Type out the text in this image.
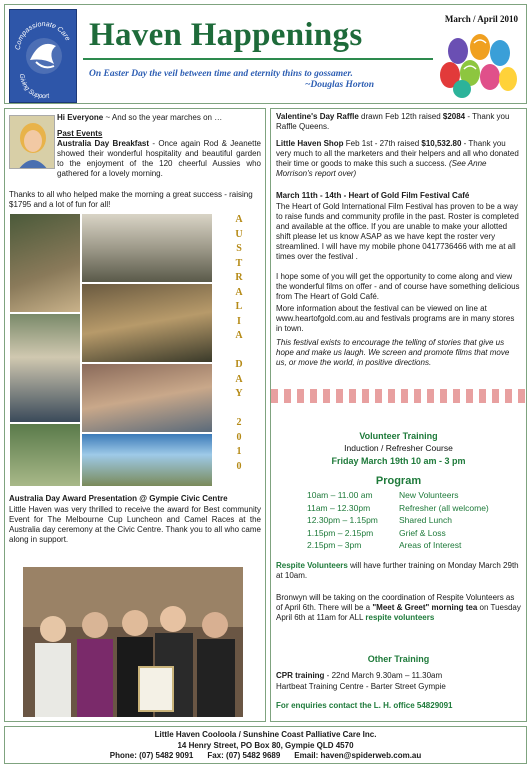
Compassionate Care
Giving Support
Haven Happenings	March / April 2010
On Easter Day the veil between time and eternity thins to gossamer.
~Douglas Horton
Hi Everyone ~ And so the year marches on …
Past Events
Australia Day Breakfast - Once again Rod & Jeanette showed their wonderful hospitality and beautiful garden to the enjoyment of the 120 cheerful Aussies who gathered for a lovely morning.
Thanks to all who helped make the morning a great success - raising $1795 and a lot of fun for all!
A
U
S
T
R
A
L
I
A

D
A
Y

2
0
1
0
Australia Day Award Presentation @ Gympie Civic Centre
Little Haven was very thrilled to receive the award for Best community Event for The Melbourne Cup Luncheon and Camel Races at the Australia day ceremony at the Civic Centre. Thank you to all who came along in support.
Valentine's Day Raffle drawn Feb 12th raised $2084 - Thank you Raffle Queens.
Little Haven Shop Feb 1st - 27th raised $10,532.80 - Thank you very much to all the marketers and their helpers and all who donated their time or goods to make this such a success. (See Anne Morrison's report over)
March 11th - 14th - Heart of Gold Film Festival Café
The Heart of Gold International Film Festival has proven to be a way to raise funds and community profile in the past. Roster is completed and available at the office. If you are unable to make your allotted shift please let us know ASAP as we have kept the roster very streamlined. I will have my mobile phone 0417736466 with me at all times over the festival .
I hope some of you will get the opportunity to come along and view the wonderful films on offer - and of course have something delicious from The Heart of Gold Café.
More information about the festival can be viewed on line at www.heartofgold.com.au and festivals programs are in many stores in town.
This festival exists to encourage the telling of stories that give us hope and make us laugh. We screen and promote films that move us, or move the world, in positive directions.
Volunteer Training
Induction / Refresher Course
Friday March 19th 10 am - 3 pm
Program
10am – 11.00 am	New Volunteers
11am – 12.30pm	Refresher (all welcome)
12.30pm – 1.15pm	Shared Lunch
1.15pm – 2.15pm	Grief & Loss
2.15pm – 3pm	Areas of Interest
Respite Volunteers will have further training on Monday March 29th at 10am.
Bronwyn will be taking on the coordination of Respite Volunteers as of April 6th. There will be a "Meet & Greet" morning tea on Tuesday April 6th at 11am for ALL respite volunteers
Other Training
CPR training - 22nd March 9.30am – 11.30am
Hartbeat Training Centre - Barter Street Gympie
For enquiries contact the L. H. office 54829091
Little Haven Cooloola / Sunshine Coast Palliative Care Inc.
14 Henry Street, PO Box 80, Gympie QLD 4570
Phone: (07) 5482 9091 Fax: (07) 5482 9689 Email: haven@spiderweb.com.au
